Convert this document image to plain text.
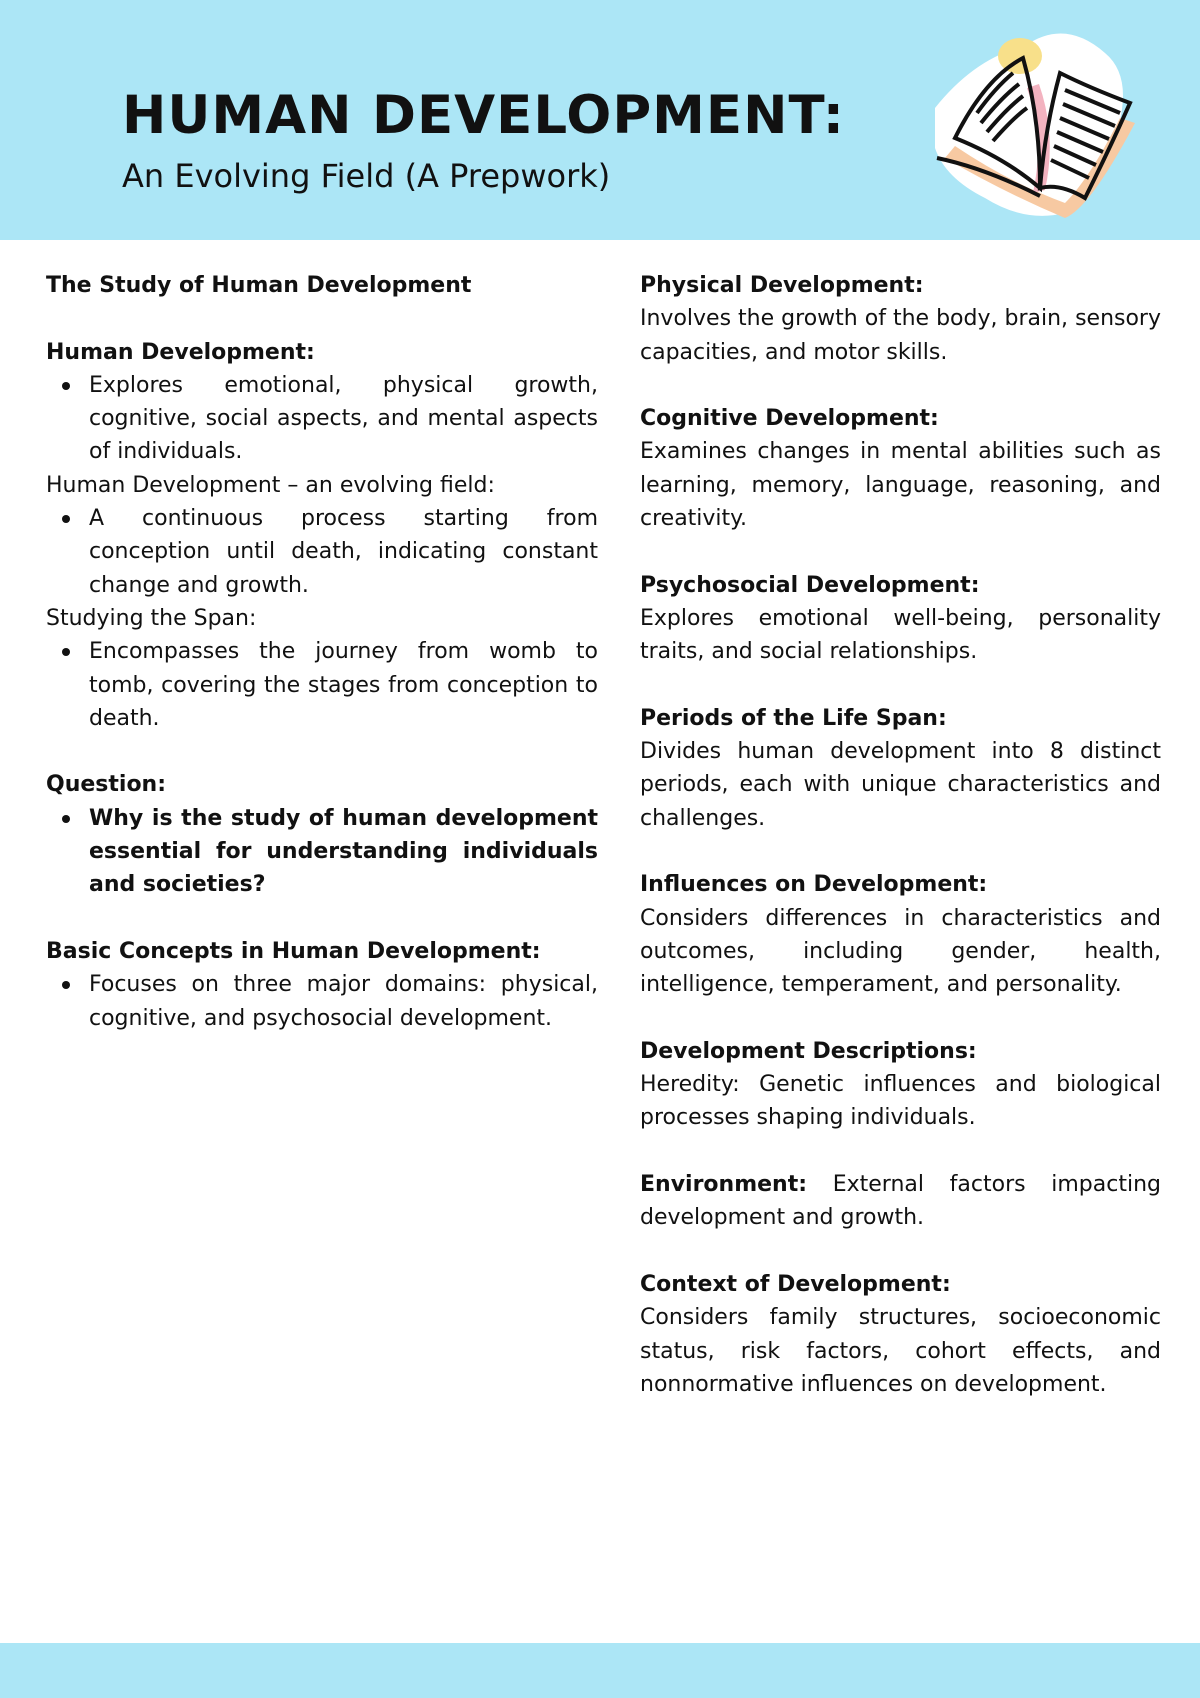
HUMAN DEVELOPMENT:
An Evolving Field (A Prepwork)

The Study of Human Development

Human Development:

Explores emotional, physical growth, cognitive, social aspects, and mental aspects of individuals.

Human Development – an evolving field:

A continuous process starting from conception until death, indicating constant change and growth.

Studying the Span:

Encompasses the journey from womb to tomb, covering the stages from conception to death.

Question:

Why is the study of human development essential for understanding individuals and societies?

Basic Concepts in Human Development:

Focuses on three major domains: physical, cognitive, and psychosocial development.

Physical Development:

Involves the growth of the body, brain, sensory capacities, and motor skills.

Cognitive Development:

Examines changes in mental abilities such as learning, memory, language, reasoning, and creativity.

Psychosocial Development:

Explores emotional well-being, personality traits, and social relationships.

Periods of the Life Span:

Divides human development into 8 distinct periods, each with unique characteristics and challenges.

Influences on Development:

Considers differences in characteristics and outcomes, including gender, health, intelligence, temperament, and personality.

Development Descriptions:

Heredity: Genetic influences and biological processes shaping individuals.

Environment: External factors impacting development and growth.

Context of Development:

Considers family structures, socioeconomic status, risk factors, cohort effects, and nonnormative influences on development.
